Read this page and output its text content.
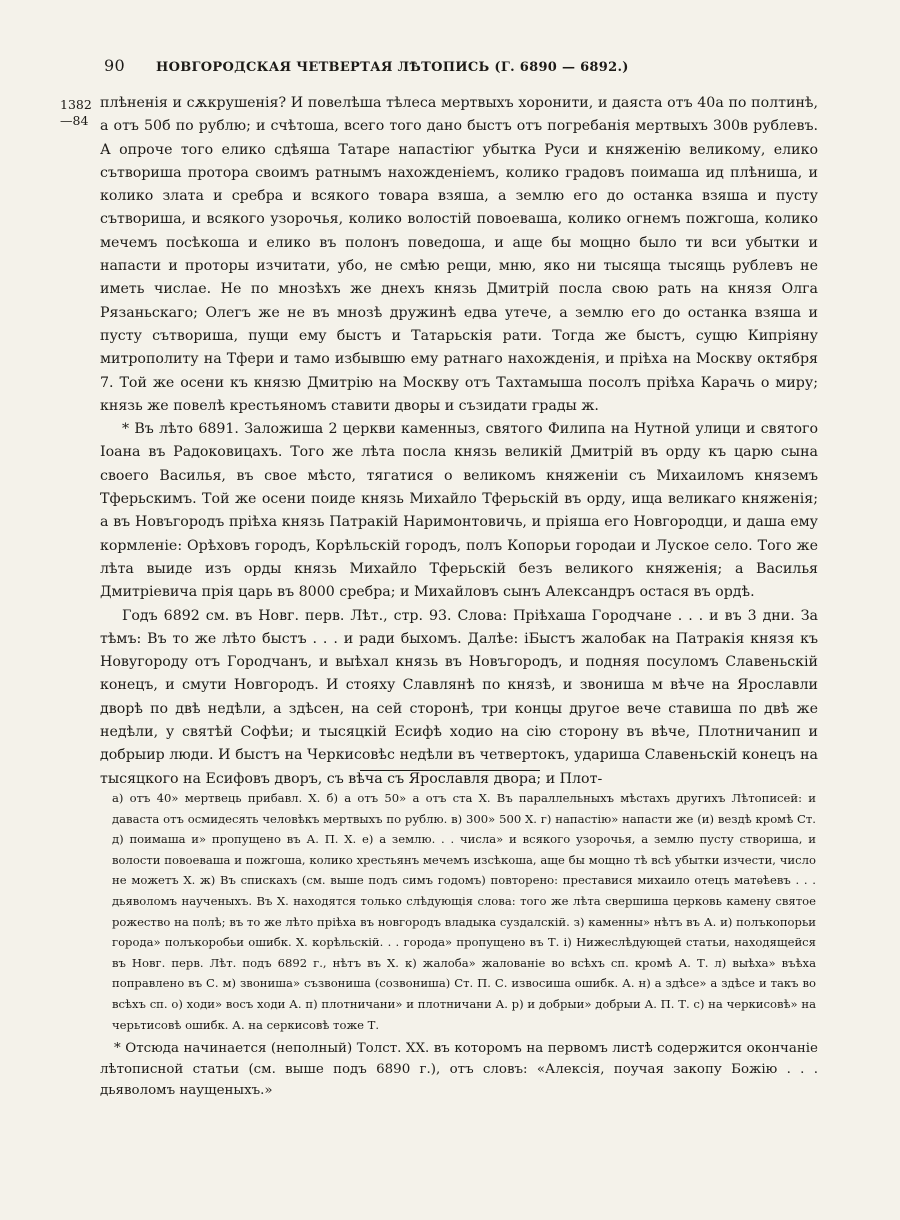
90	НОВГОРОДСКАЯ ЧЕТВЕРТАЯ ЛѢТОПИСЬ (Г. 6890 — 6892.)
1382
—84

плѣненія и сѫкрушенія? И повелѣша тѣлеса мертвыхъ хоронити, и даяста отъ 40а по полтинѣ, а отъ 50б по рублю; и счѣтоша, всего того дано быстъ отъ погребанія мертвыхъ 300в рублевъ. А опроче того елико сдѣяша Татаре напастіюг убытка Руси и княженію великому, елико сътвориша протора своимъ ратнымъ нахожденіемъ, колико градовъ поимаша ид плѣниша, и колико злата и сребра и всякого товара взяша, а землю его до останка взяша и пусту сътвориша, и всякого узорочья, колико волостій повоеваша, колико огнемъ пожгоша, колико мечемъ посѣкоша и елико въ полонъ поведоша, и аще бы мощно было ти вси убытки и напасти и проторы изчитати, убо, не смѣю рещи, мню, яко ни тысяща тысящь рублевъ не иметь числае. Не по мнозѣхъ же днехъ князь Дмитрій посла свою рать на князя Олга Рязаньскаго; Олегъ же не въ мнозѣ дружинѣ едва утече, а землю его до останка взяша и пусту сътвориша, пущи ему быстъ и Татарьскія рати. Тогда же быстъ, сущю Кипріяну митрополиту на Тфери и тамо избывшю ему ратнаго нахожденія, и пріѣха на Москву октября 7. Той же осени къ князю Дмитрію на Москву отъ Тахтамыша посолъ пріѣха Карачь о миру; князь же повелѣ крестьяномъ ставити дворы и съзидати грады ж.

* Въ лѣто 6891. Заложиша 2 церкви каменныз, святого Филипа на Нутной улици и святого Іоана въ Радоковицахъ. Того же лѣта посла князь великій Дмитрій въ орду къ царю сына своего Василья, въ свое мѣсто, тягатися о великомъ княженіи съ Михаиломъ княземъ Тферьскимъ. Той же осени поиде князь Михайло Тферьскій въ орду, ища великаго княженія; а въ Новъгородъ пріѣха князь Патракій Наримонтовичь, и пріяша его Новгородци, и даша ему кормленіе: Орѣховъ городъ, Корѣльскій городъ, полъ Копорьи городаи и Луское село. Того же лѣта выиде изъ орды князь Михайло Тферьскій безъ великого княженія; а Василья Дмитріевича прія царь въ 8000 сребра; и Михайловъ сынъ Александръ остася въ ордѣ.

Годъ 6892 см. въ Новг. перв. Лѣт., стр. 93. Слова: Пріѣхаша Городчане . . . и въ 3 дни. За тѣмъ: Въ то же лѣто быстъ . . . и ради быхомъ. Далѣе: іБыстъ жалобак на Патракія князя къ Новугороду отъ Городчанъ, и выѣхал князь въ Новъгородъ, и подняя посуломъ Славеньскій конецъ, и смути Новгородъ. И стояху Славлянѣ по князѣ, и звониша м вѣче на Ярославли дворѣ по двѣ недѣли, а здѣсен, на сей сторонѣ, три концы другое вече ставиша по двѣ же недѣли, у святѣй Софѣи; и тысяцкій Есифѣ ходио на сію сторону въ вѣче, Плотничанип и добрыир люди. И быстъ на Черкисовѣс недѣли въ четвертокъ, удариша Славеньскій конецъ на тысяцкого на Есифовъ дворъ, съ вѣча съ Ярославля двора; и Плот-

а) отъ 40» мертвець прибавл. Х. б) а отъ 50» а отъ ста Х. Въ параллельныхъ мѣстахъ другихъ Лѣтописей: и даваста отъ осмидесять человѣкъ мертвыхъ по рублю. в) 300» 500 Х. г) напастію» напасти же (и) вездѣ кромѣ Ст. д) поимаша и» пропущено въ А. П. Х. е) а землю. . . числа» и всякого узорочья, а землю пусту створиша, и волости повоеваша и пожгоша, колико хрестьянъ мечемъ изсѣкоша, аще бы мощно тѣ всѣ убытки изчести, число не можетъ Х. ж) Въ спискахъ (см. выше подъ симъ годомъ) повторено: преставися михаило отецъ матѳѣевъ . . . дьяволомъ наученыхъ. Въ Х. находятся только слѣдующія слова: того же лѣта свершиша церковь камену святое рожество на полѣ; въ то же лѣто пріѣха въ новгородъ владыка суздалскій. з) каменны» нѣтъ въ А. и) полъкопорьи города» полъкоробьи ошибк. Х. корѣльскій. . . города» пропущено въ Т. і) Нижеслѣдующей статьи, находящейся въ Новг. перв. Лѣт. подъ 6892 г., нѣтъ въ Х. к) жалоба» жалованіе во всѣхъ сп. кромѣ А. Т. л) выѣха» въѣха поправлено въ С. м) звониша» съзвониша (созвониша) Ст. П. С. извосиша ошибк. А. н) а здѣсе» а здѣсе и такъ во всѣхъ сп. о) ходи» восъ ходи А. п) плотничани» и плотничани А. р) и добрыи» добрыи А. П. Т. с) на черкисовѣ» на черьтисовѣ ошибк. А. на серкисовѣ тоже Т.

* Отсюда начинается (неполный) Толст. XX. въ которомъ на первомъ листѣ содержится окончаніе лѣтописной статьи (см. выше подъ 6890 г.), отъ словъ: «Алексія, поучая закопу Божію . . . дьяволомъ наущеныхъ.»
